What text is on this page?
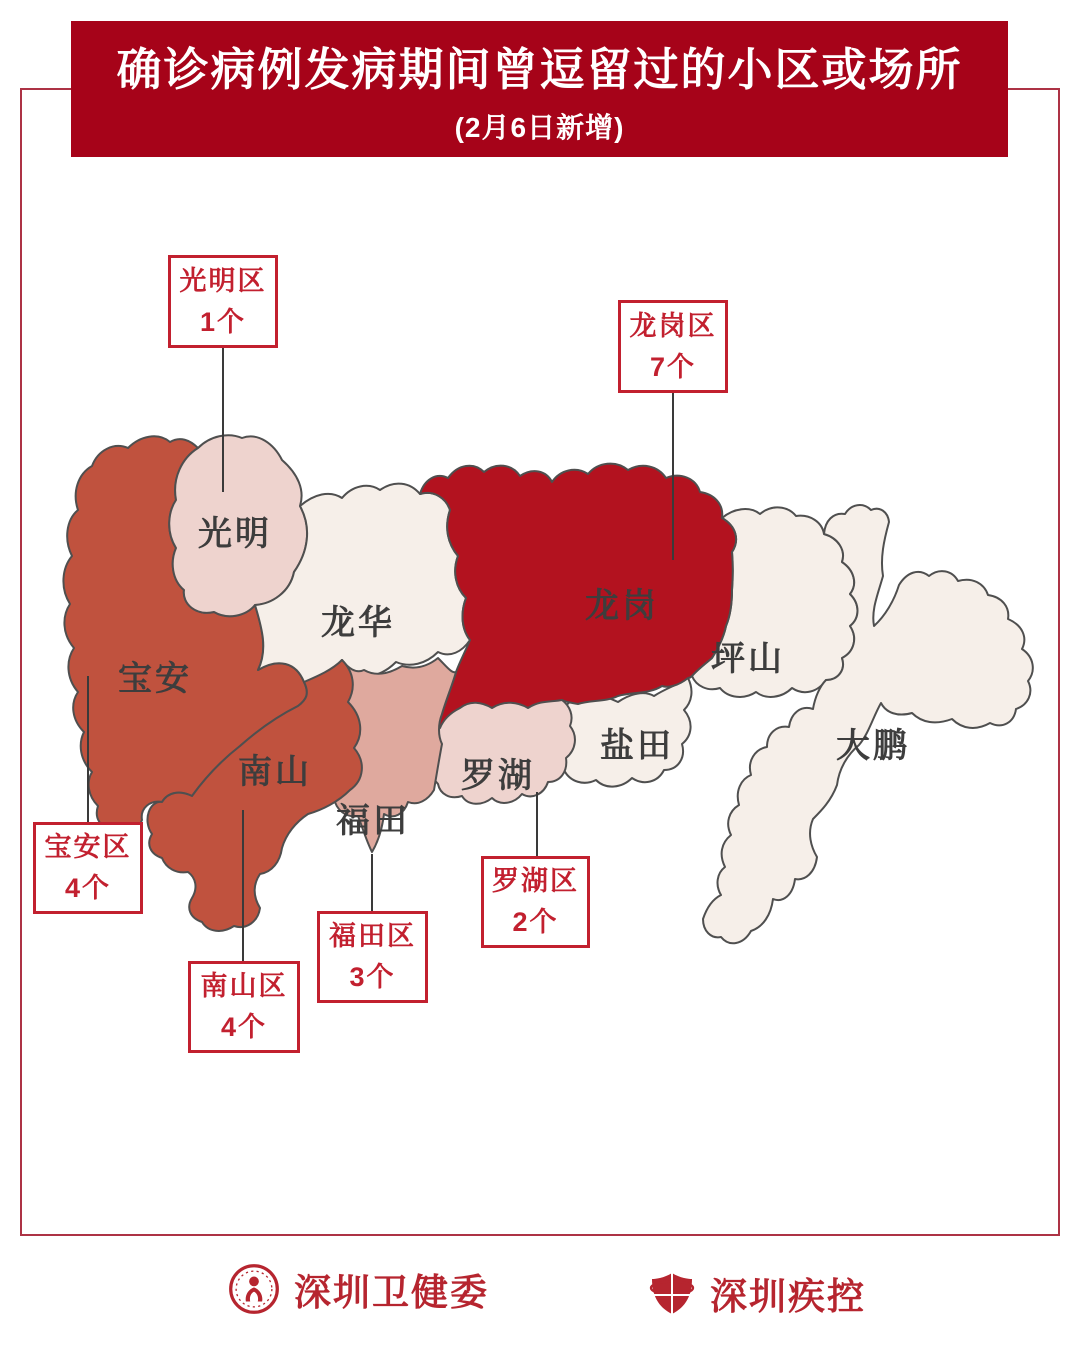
确诊病例发病期间曾逗留过的小区或场所
(2月6日新增)
宝安
光明
龙华	龙岗
坪山
盐田	大鹏
南山
福田
罗湖
光明区
1个	龙岗区
7个
宝安区
4个
南山区
4个
福田区
3个
罗湖区
2个
深圳卫健委	深圳疾控
